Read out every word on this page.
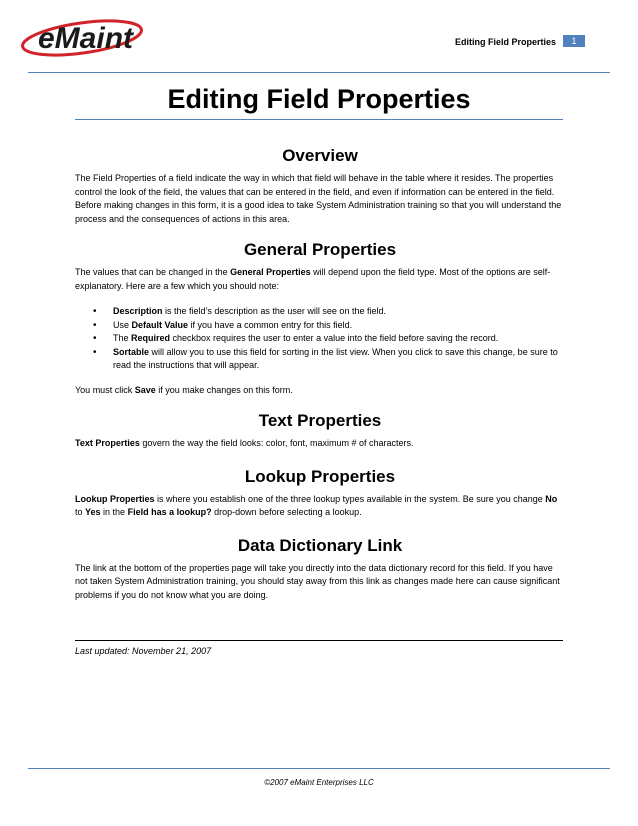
eMaint	Editing Field Properties	1
Editing Field Properties
Overview

The Field Properties of a field indicate the way in which that field will behave in the table where it resides. The properties control the look of the field, the values that can be entered in the field, and even if information can be entered in the field. Before making changes in this form, it is a good idea to take System Administration training so that you will understand the process and the consequences of actions in this area.

General Properties

The values that can be changed in the General Properties will depend upon the field type. Most of the options are self-explanatory. Here are a few which you should note:

• Description is the field’s description as the user will see on the field.
• Use Default Value if you have a common entry for this field.
• The Required checkbox requires the user to enter a value into the field before saving the record.
• Sortable will allow you to use this field for sorting in the list view. When you click to save this change, be sure to read the instructions that will appear.

You must click Save if you make changes on this form.

Text Properties

Text Properties govern the way the field looks: color, font, maximum # of characters.

Lookup Properties

Lookup Properties is where you establish one of the three lookup types available in the system. Be sure you change No to Yes in the Field has a lookup? drop-down before selecting a lookup.

Data Dictionary Link

The link at the bottom of the properties page will take you directly into the data dictionary record for this field. If you have not taken System Administration training, you should stay away from this link as changes made here can cause significant problems if you do not know what you are doing.

Last updated: November 21, 2007
©2007 eMaint Enterprises LLC
